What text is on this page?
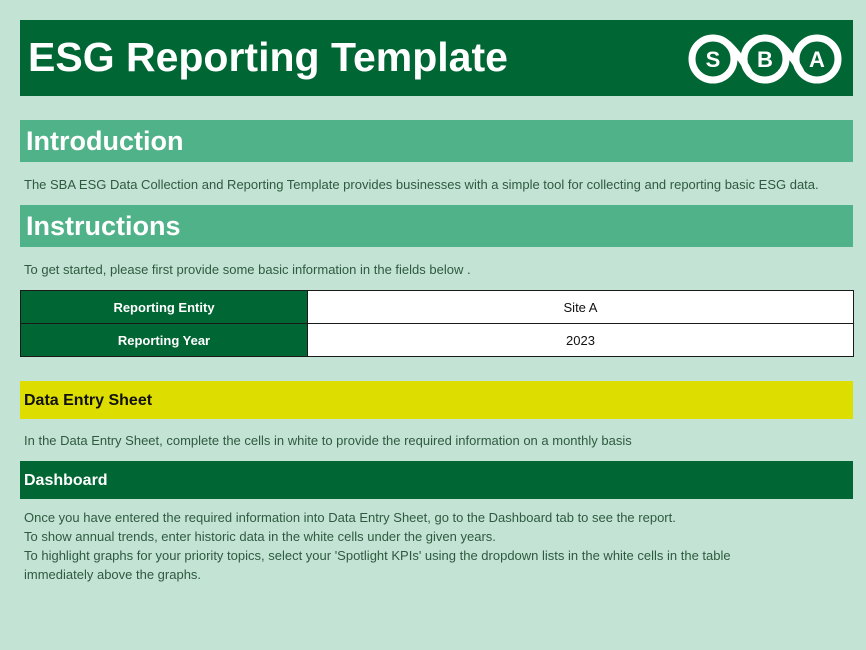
ESG Reporting Template	S B A
Introduction
The SBA ESG Data Collection and Reporting Template provides businesses with a simple tool for collecting and reporting basic ESG data.
Instructions
To get started, please first provide some basic information in the fields below .
Reporting Entity	Site A
Reporting Year	2023
Data Entry Sheet
In the Data Entry Sheet, complete the cells in white to provide the required information on a monthly basis
Dashboard
Once you have entered the required information into Data Entry Sheet, go to the Dashboard tab to see the report.
To show annual trends, enter historic data in the white cells under the given years.
To highlight graphs for your priority topics, select your 'Spotlight KPIs' using the dropdown lists in the white cells in the table
immediately above the graphs.
